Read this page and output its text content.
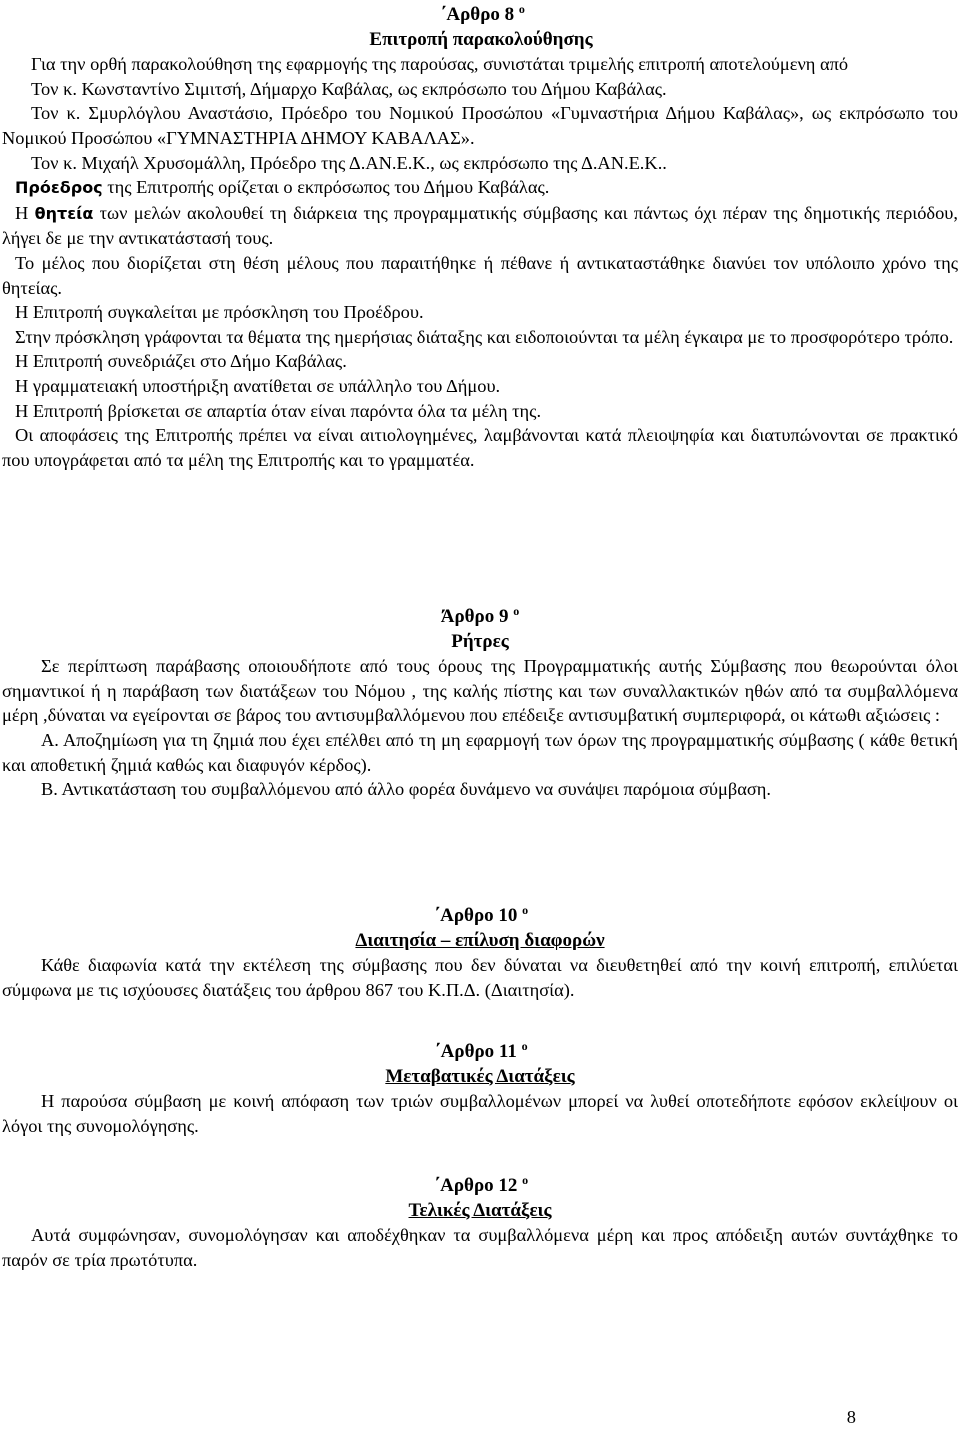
΄Αρθρο 8 $^o$

Επιτροπή παρακολούθησης

Για την ορθή παρακολούθηση της εφαρμογής της παρούσας, συνιστάται τριμελής επιτροπή αποτελούμενη από

Τον κ. Κωνσταντίνο Σιμιτσή, Δήμαρχο Καβάλας, ως εκπρόσωπο του Δήμου Καβάλας.

Τον κ. Σμυρλόγλου Αναστάσιο, Πρόεδρο του Νομικού Προσώπου «Γυμναστήρια Δήμου Καβάλας», ως εκπρόσωπο του Νομικού Προσώπου «ΓΥΜΝΑΣΤΗΡΙΑ ΔΗΜΟΥ ΚΑΒΑΛΑΣ».

Τον κ. Μιχαήλ Χρυσομάλλη, Πρόεδρο της Δ.ΑΝ.Ε.Κ., ως εκπρόσωπο της Δ.ΑΝ.Ε.Κ..

Πρόεδρος της Επιτροπής ορίζεται ο εκπρόσωπος του Δήμου Καβάλας.

Η θητεία των μελών ακολουθεί τη διάρκεια της προγραμματικής σύμβασης και πάντως όχι πέραν της δημοτικής περιόδου, λήγει δε με την αντικατάστασή τους.

Το μέλος που διορίζεται στη θέση μέλους που παραιτήθηκε ή πέθανε ή αντικαταστάθηκε διανύει τον υπόλοιπο χρόνο της θητείας.

Η Επιτροπή συγκαλείται με πρόσκληση του Προέδρου.

Στην πρόσκληση γράφονται τα θέματα της ημερήσιας διάταξης και ειδοποιούνται τα μέλη έγκαιρα με το προσφορότερο τρόπο.

Η Επιτροπή συνεδριάζει στο Δήμο Καβάλας.

Η γραμματειακή υποστήριξη ανατίθεται σε υπάλληλο του Δήμου.

Η Επιτροπή βρίσκεται σε απαρτία όταν είναι παρόντα όλα τα μέλη της.

Οι αποφάσεις της Επιτροπής πρέπει να είναι αιτιολογημένες, λαμβάνονται κατά πλειοψηφία και διατυπώνονται σε πρακτικό που υπογράφεται από τα μέλη της Επιτροπής και το γραμματέα.

Άρθρο 9 $^o$

Ρήτρες

Σε περίπτωση παράβασης οποιουδήποτε από τους όρους της Προγραμματικής αυτής Σύμβασης που θεωρούνται όλοι σημαντικοί ή η παράβαση των διατάξεων του Νόμου , της καλής πίστης και των συναλλακτικών ηθών από τα συμβαλλόμενα μέρη ,δύναται να εγείρονται σε βάρος του αντισυμβαλλόμενου που επέδειξε αντισυμβατική συμπεριφορά, οι κάτωθι αξιώσεις :

Α. Αποζημίωση για τη ζημιά που έχει επέλθει από τη μη εφαρμογή των όρων της προγραμματικής σύμβασης ( κάθε θετική και αποθετική ζημιά καθώς και διαφυγόν κέρδος).

Β. Αντικατάσταση του συμβαλλόμενου από άλλο φορέα δυνάμενο να συνάψει παρόμοια σύμβαση.

΄Αρθρο 10 $^o$

Διαιτησία – επίλυση διαφορών

Κάθε διαφωνία κατά την εκτέλεση της σύμβασης που δεν δύναται να διευθετηθεί από την κοινή επιτροπή, επιλύεται σύμφωνα με τις ισχύουσες διατάξεις του άρθρου 867 του Κ.Π.Δ. (Διαιτησία).

΄Αρθρο 11 $^o$

Μεταβατικές Διατάξεις

Η παρούσα σύμβαση με κοινή απόφαση των τριών συμβαλλομένων μπορεί να λυθεί οποτεδήποτε εφόσον εκλείψουν οι λόγοι της συνομολόγησης.

΄Αρθρο 12 $^o$

Τελικές Διατάξεις

Αυτά συμφώνησαν, συνομολόγησαν και αποδέχθηκαν τα συμβαλλόμενα μέρη και προς απόδειξη αυτών συντάχθηκε το παρόν σε τρία πρωτότυπα.

8
